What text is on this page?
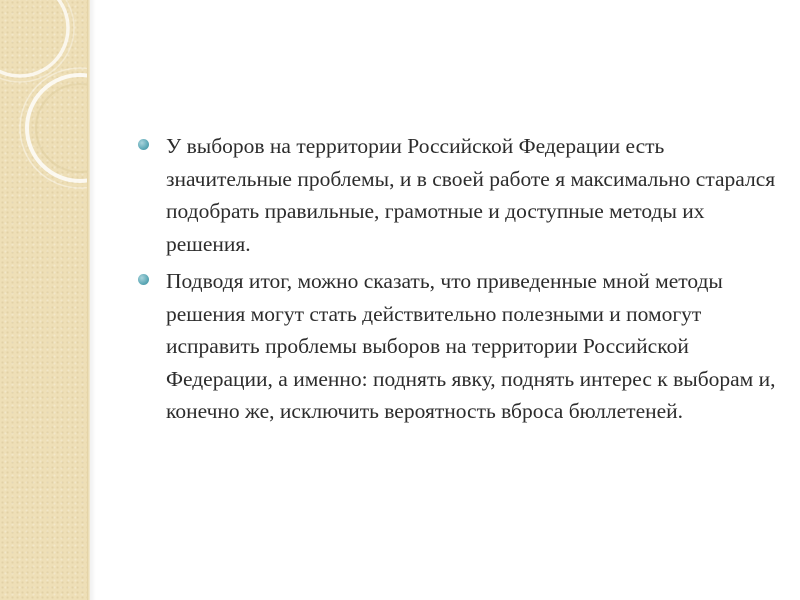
У выборов на территории Российской Федерации есть значительные проблемы, и в своей работе я максимально старался подобрать правильные, грамотные и доступные методы их решения.
Подводя итог, можно сказать, что приведенные мной методы решения могут стать действительно полезными и помогут исправить проблемы выборов на территории Российской Федерации, а именно: поднять явку, поднять интерес к выборам и, конечно же, исключить вероятность вброса бюллетеней.
